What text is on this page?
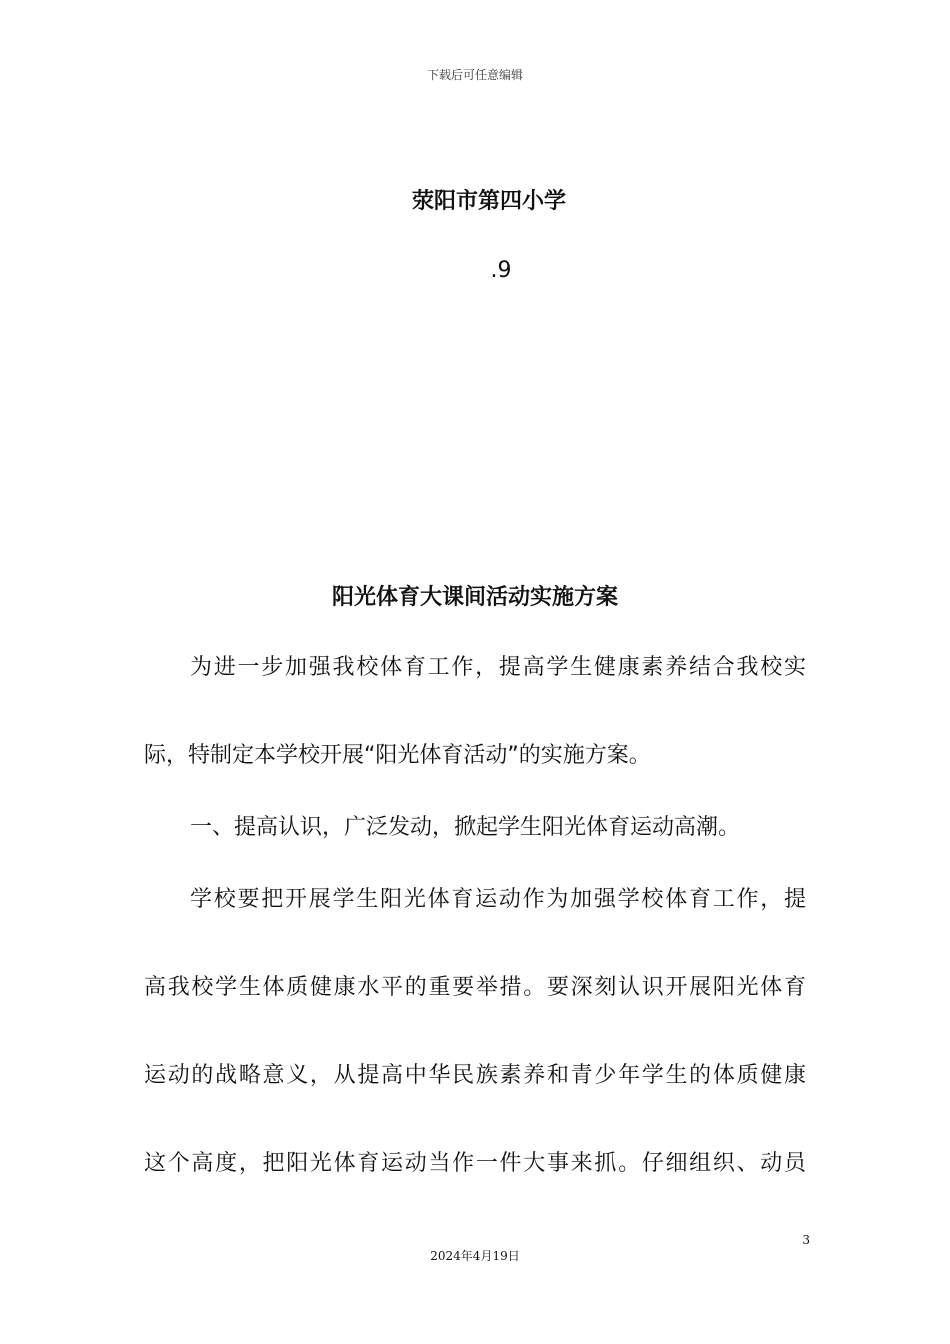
下载后可任意编辑
荥阳市第四小学
.9
阳光体育大课间活动实施方案
为进一步加强我校体育工作，提高学生健康素养结合我校实
际，特制定本学校开展“阳光体育活动”的实施方案。
一、提高认识，广泛发动，掀起学生阳光体育运动高潮。
学校要把开展学生阳光体育运动作为加强学校体育工作，提
高我校学生体质健康水平的重要举措。要深刻认识开展阳光体育
运动的战略意义，从提高中华民族素养和青少年学生的体质健康
这个高度，把阳光体育运动当作一件大事来抓。仔细组织、动员
3
2024年4月19日
